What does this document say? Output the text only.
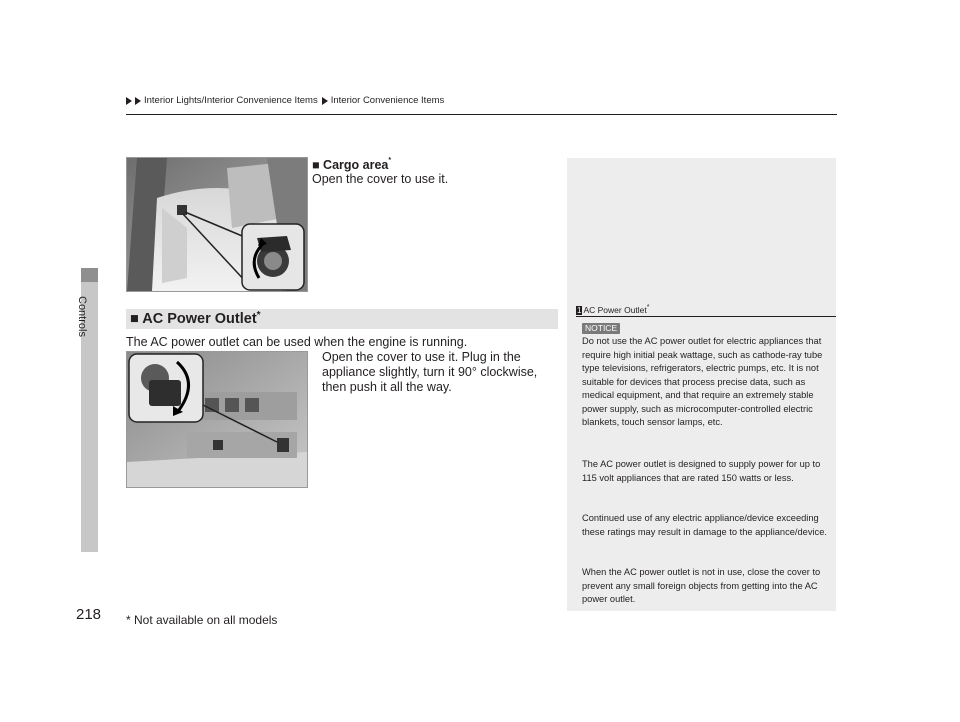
Interior Lights/Interior Convenience Items Interior Convenience Items
Controls
218
■ Cargo area*
Open the cover to use it.
■ AC Power Outlet*
The AC power outlet can be used when the engine is running.
Open the cover to use it. Plug in the appliance slightly, turn it 90° clockwise, then push it all the way.
1 AC Power Outlet*
NOTICE
Do not use the AC power outlet for electric appliances that require high initial peak wattage, such as cathode-ray tube type televisions, refrigerators, electric pumps, etc. It is not suitable for devices that process precise data, such as medical equipment, and that require an extremely stable power supply, such as microcomputer-controlled electric blankets, touch sensor lamps, etc.
The AC power outlet is designed to supply power for up to 115 volt appliances that are rated 150 watts or less.
Continued use of any electric appliance/device exceeding these ratings may result in damage to the appliance/device.
When the AC power outlet is not in use, close the cover to prevent any small foreign objects from getting into the AC power outlet.
* Not available on all models
